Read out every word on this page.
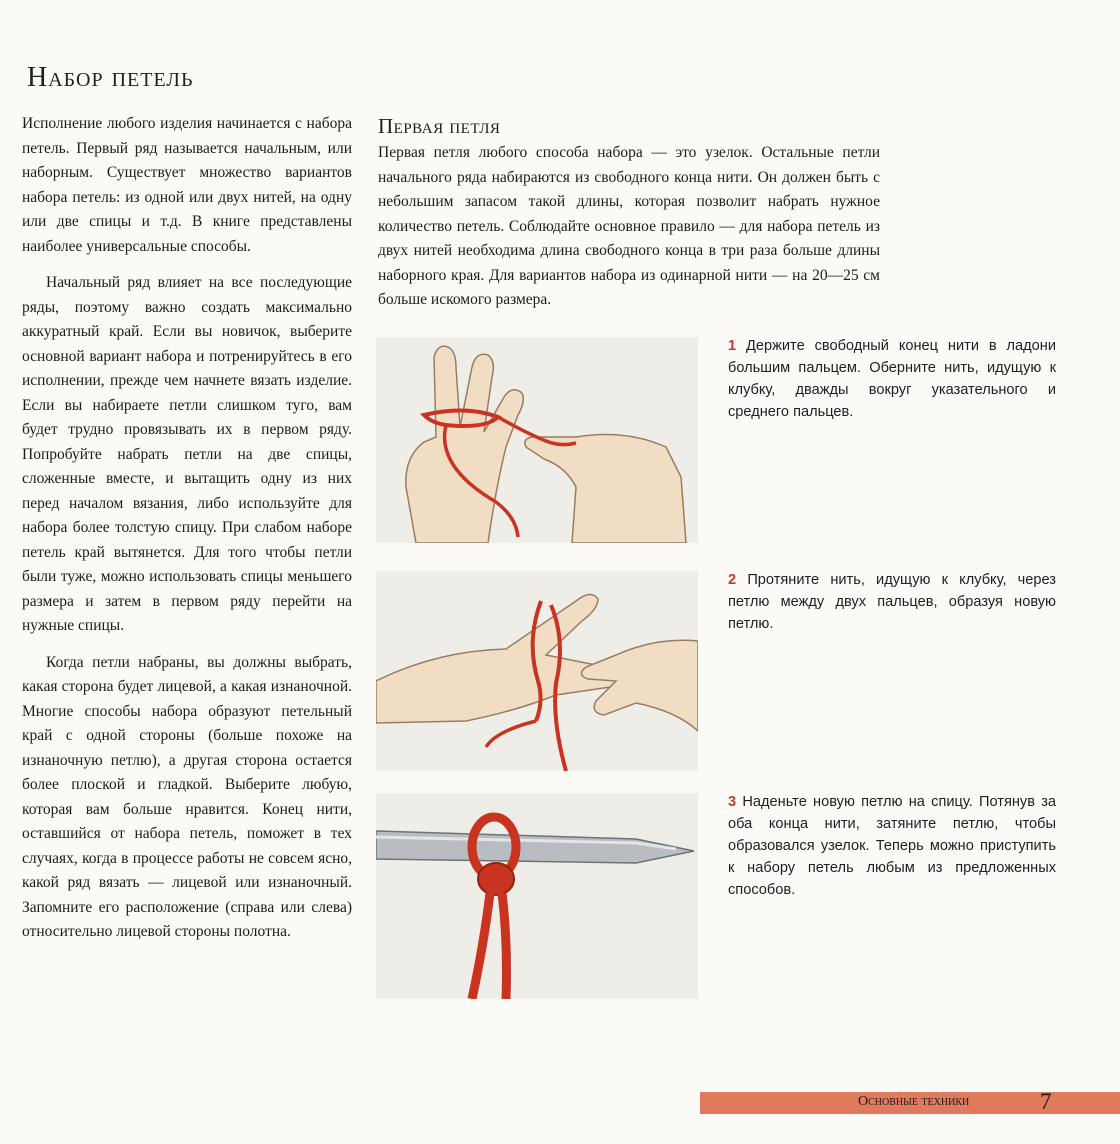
Набор петель

Исполнение любого изделия начинается с набора петель. Первый ряд называется начальным, или наборным. Существует множество вариантов набора петель: из одной или двух нитей, на одну или две спицы и т.д. В книге представлены наиболее универсальные способы.

Начальный ряд влияет на все последующие ряды, поэтому важно создать максимально аккуратный край. Если вы новичок, выберите основной вариант набора и потренируйтесь в его исполнении, прежде чем начнете вязать изделие. Если вы набираете петли слишком туго, вам будет трудно провязывать их в первом ряду. Попробуйте набрать петли на две спицы, сложенные вместе, и вытащить одну из них перед началом вязания, либо используйте для набора более толстую спицу. При слабом наборе петель край вытянется. Для того чтобы петли были туже, можно использовать спицы меньшего размера и затем в первом ряду перейти на нужные спицы.

Когда петли набраны, вы должны выбрать, какая сторона будет лицевой, а какая изнаночной. Многие способы набора образуют петельный край с одной стороны (больше похоже на изнаночную петлю), а другая сторона остается более плоской и гладкой. Выберите любую, которая вам больше нравится. Конец нити, оставшийся от набора петель, поможет в тех случаях, когда в процессе работы не совсем ясно, какой ряд вязать — лицевой или изнаночный. Запомните его расположение (справа или слева) относительно лицевой стороны полотна.

Первая петля

Первая петля любого способа набора — это узелок. Остальные петли начального ряда набираются из свободного конца нити. Он должен быть с небольшим запасом такой длины, которая позволит набрать нужное количество петель. Соблюдайте основное правило — для набора петель из двух нитей необходима длина свободного конца в три раза больше длины наборного края. Для вариантов набора из одинарной нити — на 20—25 см больше искомого размера.

1 Держите свободный конец нити в ладони большим пальцем. Оберните нить, идущую к клубку, дважды вокруг указательного и среднего пальцев.

2 Протяните нить, идущую к клубку, через петлю между двух пальцев, образуя новую петлю.

3 Наденьте новую петлю на спицу. Потянув за оба конца нити, затяните петлю, чтобы образовался узелок. Теперь можно приступить к набору петель любым из предложенных способов.

Основные техники	7
